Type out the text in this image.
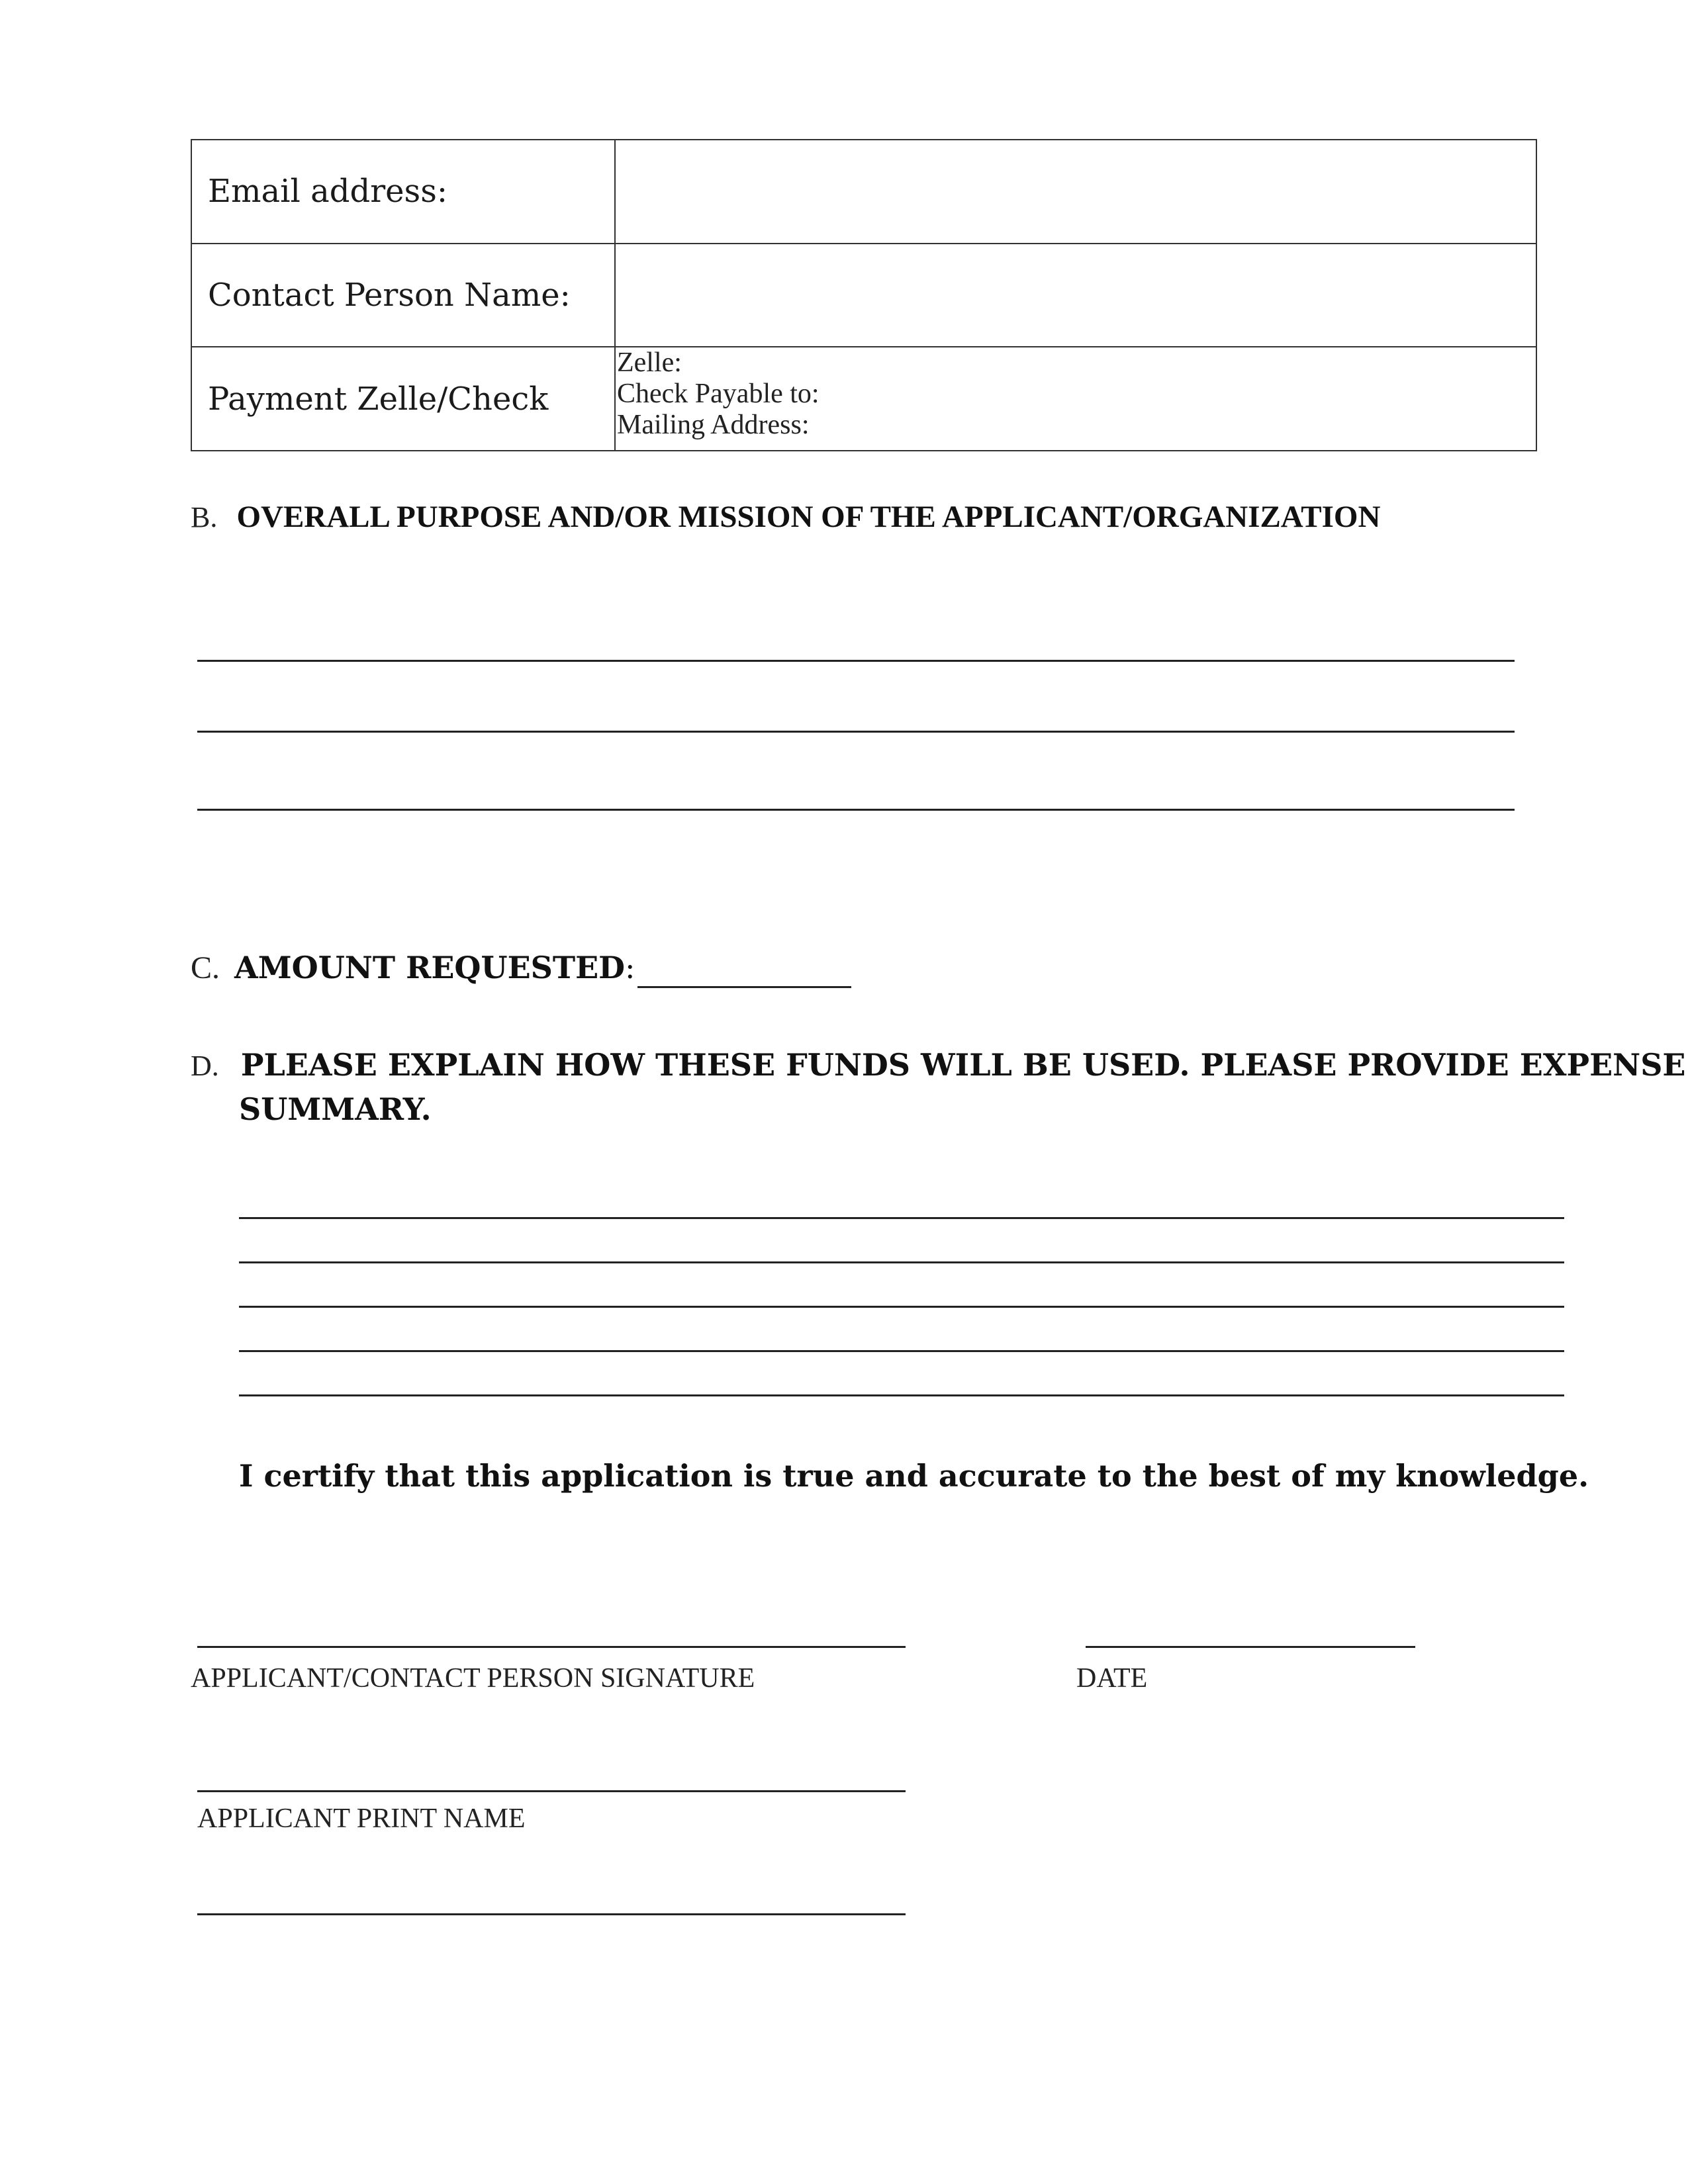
Email address:	
Contact Person Name:	
Payment Zelle/Check	Zelle:
Check Payable to:
Mailing Address:
B. OVERALL PURPOSE AND/OR MISSION OF THE APPLICANT/ORGANIZATION
C. AMOUNT REQUESTED:
D. PLEASE EXPLAIN HOW THESE FUNDS WILL BE USED. PLEASE PROVIDE EXPENSE
SUMMARY.
I certify that this application is true and accurate to the best of my knowledge.
APPLICANT/CONTACT PERSON SIGNATURE	DATE
APPLICANT PRINT NAME
